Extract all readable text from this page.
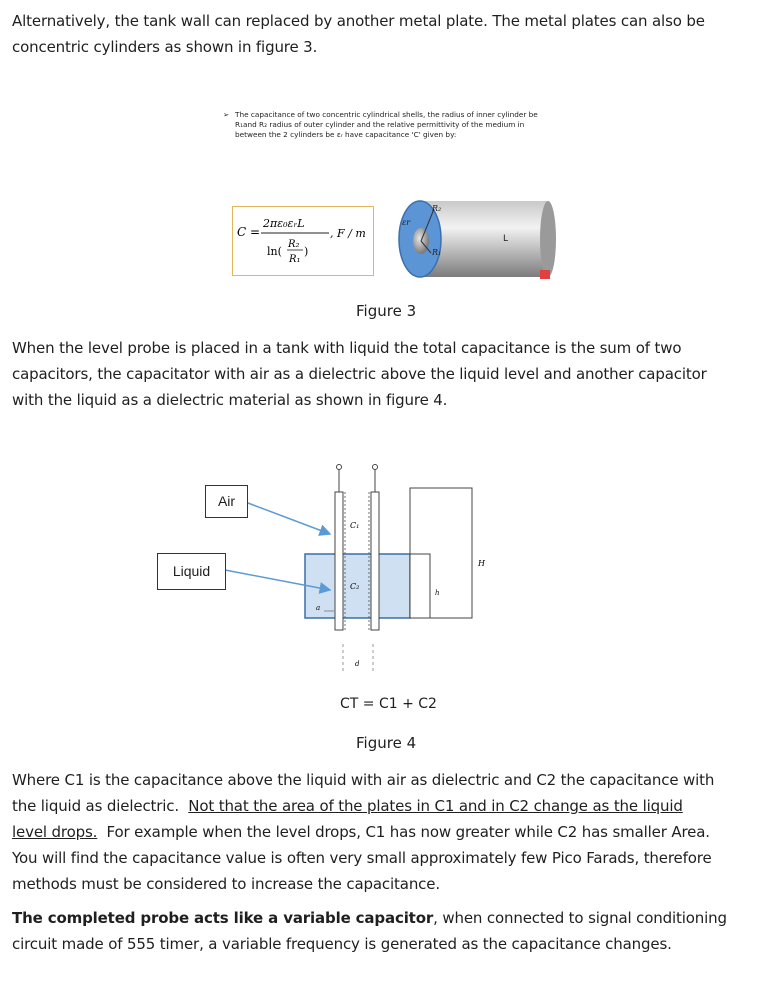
Alternatively, the tank wall can replaced by another metal plate. The metal plates can also be
concentric cylinders as shown in figure 3.
➢ The capacitance of two concentric cylindrical shells, the radius of inner cylinder be R₁and R₂ radius of outer cylinder and the relative permittivity of the medium in between the 2 cylinders be εᵣ have capacitance 'C' given by:
C =
2πε₀εᵣL
, F / m
ln(
R₂
R₁
)
εr
R₂
R₁
L
Figure 3
When the level probe is placed in a tank with liquid the total capacitance is the sum of two
capacitors, the capacitator with air as a dielectric above the liquid level and another capacitor
with the liquid as a dielectric material as shown in figure 4.
H
h
C₁
C₂
a
d
Air
Liquid
CT = C1 + C2
Figure 4
Where C1 is the capacitance above the liquid with air as dielectric and C2 the capacitance with
the liquid as dielectric.  Not that the area of the plates in C1 and in C2 change as the liquid
level drops.  For example when the level drops, C1 has now greater while C2 has smaller Area.
You will find the capacitance value is often very small approximately few Pico Farads, therefore
methods must be considered to increase the capacitance.
The completed probe acts like a variable capacitor, when connected to signal conditioning
circuit made of 555 timer, a variable frequency is generated as the capacitance changes.
